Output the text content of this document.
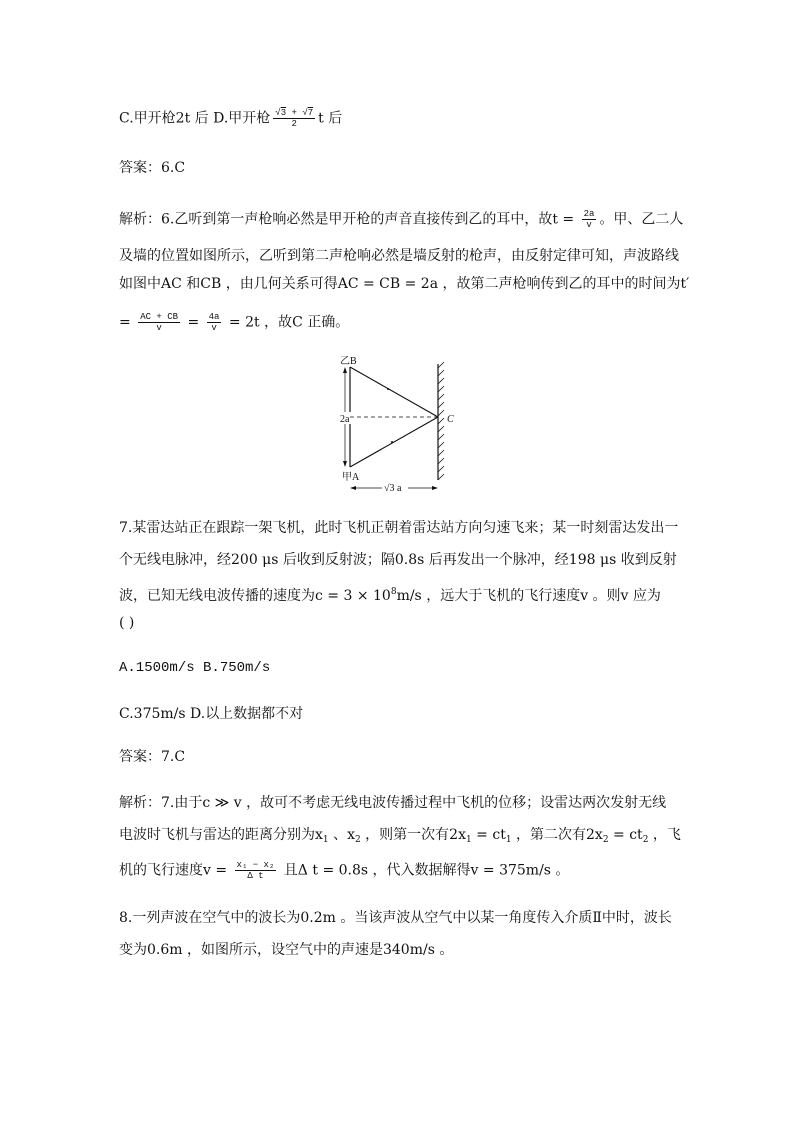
C.甲开枪2t 后 D.甲开枪 $\frac{√3 + √7}{2}$ t 后
答案：6.C
解析：6.乙听到第一声枪响必然是甲开枪的声音直接传到乙的耳中，故$t = \frac{2a}{v}$ 。甲、乙二人
及墙的位置如图所示，乙听到第二声枪响必然是墙反射的枪声，由反射定律可知，声波路线
如图中AC 和CB ，由几何关系可得AC = CB = 2a ，故第二声枪响传到乙的耳中的时间为t′
= $\frac{AC + CB}{v} = \frac{4a}{v} = 2t$ ，故C 正确。
2a
乙B
甲A
C
√3 a
7.某雷达站正在跟踪一架飞机，此时飞机正朝着雷达站方向匀速飞来；某一时刻雷达发出一
个无线电脉冲，经200 μs 后收到反射波；隔0.8s 后再发出一个脉冲，经198 μs 收到反射
波，已知无线电波传播的速度为$c = 3 \times 10^8m/s$ ，远大于飞机的飞行速度v 。则v 应为
( )
A.1500m/s B.750m/s
C.375m/s D.以上数据都不对
答案：7.C
解析：7.由于c ≫ v ，故可不考虑无线电波传播过程中飞机的位移；设雷达两次发射无线
电波时飞机与雷达的距离分别为$x_1$ 、$x_2$ ，则第一次有$2x_1 = ct_1$ ，第二次有$2x_2 = ct_2$ ，飞
机的飞行速度$v = \frac{\text{x₁ − x₂}}{\text{Δ t}}$ 且Δ t = 0.8s ，代入数据解得v = 375m/s 。
8.一列声波在空气中的波长为0.2m 。当该声波从空气中以某一角度传入介质Ⅱ中时，波长
变为0.6m ，如图所示，设空气中的声速是340m/s 。
